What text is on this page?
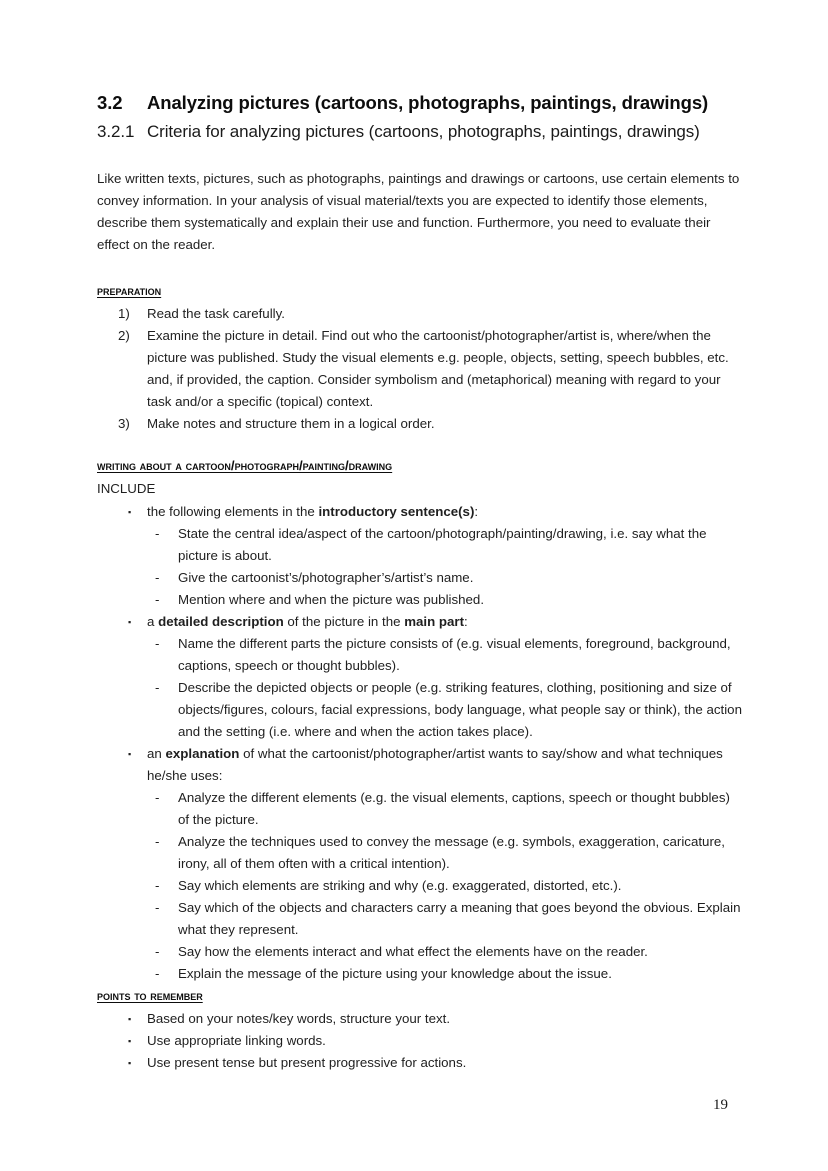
3.2 Analyzing pictures (cartoons, photographs, paintings, drawings)
3.2.1 Criteria for analyzing pictures (cartoons, photographs, paintings, drawings)

Like written texts, pictures, such as photographs, paintings and drawings or cartoons, use certain elements to convey information. In your analysis of visual material/texts you are expected to identify those elements, describe them systematically and explain their use and function. Furthermore, you need to evaluate their effect on the reader.

preparation
1) Read the task carefully.
2) Examine the picture in detail. Find out who the cartoonist/photographer/artist is, where/when the picture was published. Study the visual elements e.g. people, objects, setting, speech bubbles, etc. and, if provided, the caption. Consider symbolism and (metaphorical) meaning with regard to your task and/or a specific (topical) context.
3) Make notes and structure them in a logical order.
writing about a cartoon/photograph/painting/drawing
INCLUDE
▪ the following elements in the introductory sentence(s):
- State the central idea/aspect of the cartoon/photograph/painting/drawing, i.e. say what the picture is about.
- Give the cartoonist’s/photographer’s/artist’s name.
- Mention where and when the picture was published.
▪ a detailed description of the picture in the main part:
- Name the different parts the picture consists of (e.g. visual elements, foreground, background, captions, speech or thought bubbles).
- Describe the depicted objects or people (e.g. striking features, clothing, positioning and size of objects/figures, colours, facial expressions, body language, what people say or think), the action and the setting (i.e. where and when the action takes place).
▪ an explanation of what the cartoonist/photographer/artist wants to say/show and what techniques he/she uses:
- Analyze the different elements (e.g. the visual elements, captions, speech or thought bubbles) of the picture.
- Analyze the techniques used to convey the message (e.g. symbols, exaggeration, caricature, irony, all of them often with a critical intention).
- Say which elements are striking and why (e.g. exaggerated, distorted, etc.).
- Say which of the objects and characters carry a meaning that goes beyond the obvious. Explain what they represent.
- Say how the elements interact and what effect the elements have on the reader.
- Explain the message of the picture using your knowledge about the issue.
points to remember
▪ Based on your notes/key words, structure your text.
▪ Use appropriate linking words.
▪ Use present tense but present progressive for actions.
19
